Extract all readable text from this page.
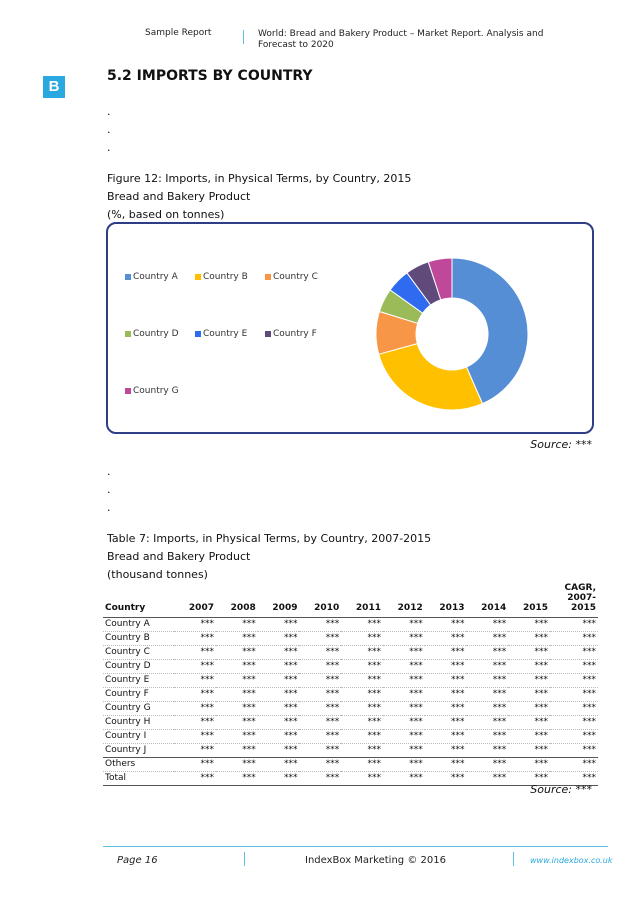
Sample Report	World: Bread and Bakery Product – Market Report. Analysis and Forecast to 2020
B
5.2 IMPORTS BY COUNTRY
.
.
.
Figure 12: Imports, in Physical Terms, by Country, 2015
Bread and Bakery Product
(%, based on tonnes)
Country A	Country B	Country C
Country D	Country E	Country F
Country G
Source: ***
.
.
.
Table 7: Imports, in Physical Terms, by Country, 2007-2015
Bread and Bakery Product
(thousand tonnes)
Country	2007	2008	2009	2010	2011	2012	2013	2014	2015	CAGR, 2007-2015
Country A	***	***	***	***	***	***	***	***	***	***
Country B	***	***	***	***	***	***	***	***	***	***
Country C	***	***	***	***	***	***	***	***	***	***
Country D	***	***	***	***	***	***	***	***	***	***
Country E	***	***	***	***	***	***	***	***	***	***
Country F	***	***	***	***	***	***	***	***	***	***
Country G	***	***	***	***	***	***	***	***	***	***
Country H	***	***	***	***	***	***	***	***	***	***
Country I	***	***	***	***	***	***	***	***	***	***
Country J	***	***	***	***	***	***	***	***	***	***
Others	***	***	***	***	***	***	***	***	***	***
Total	***	***	***	***	***	***	***	***	***	***
Source: ***
Page 16	IndexBox Marketing © 2016	www.indexbox.co.uk
